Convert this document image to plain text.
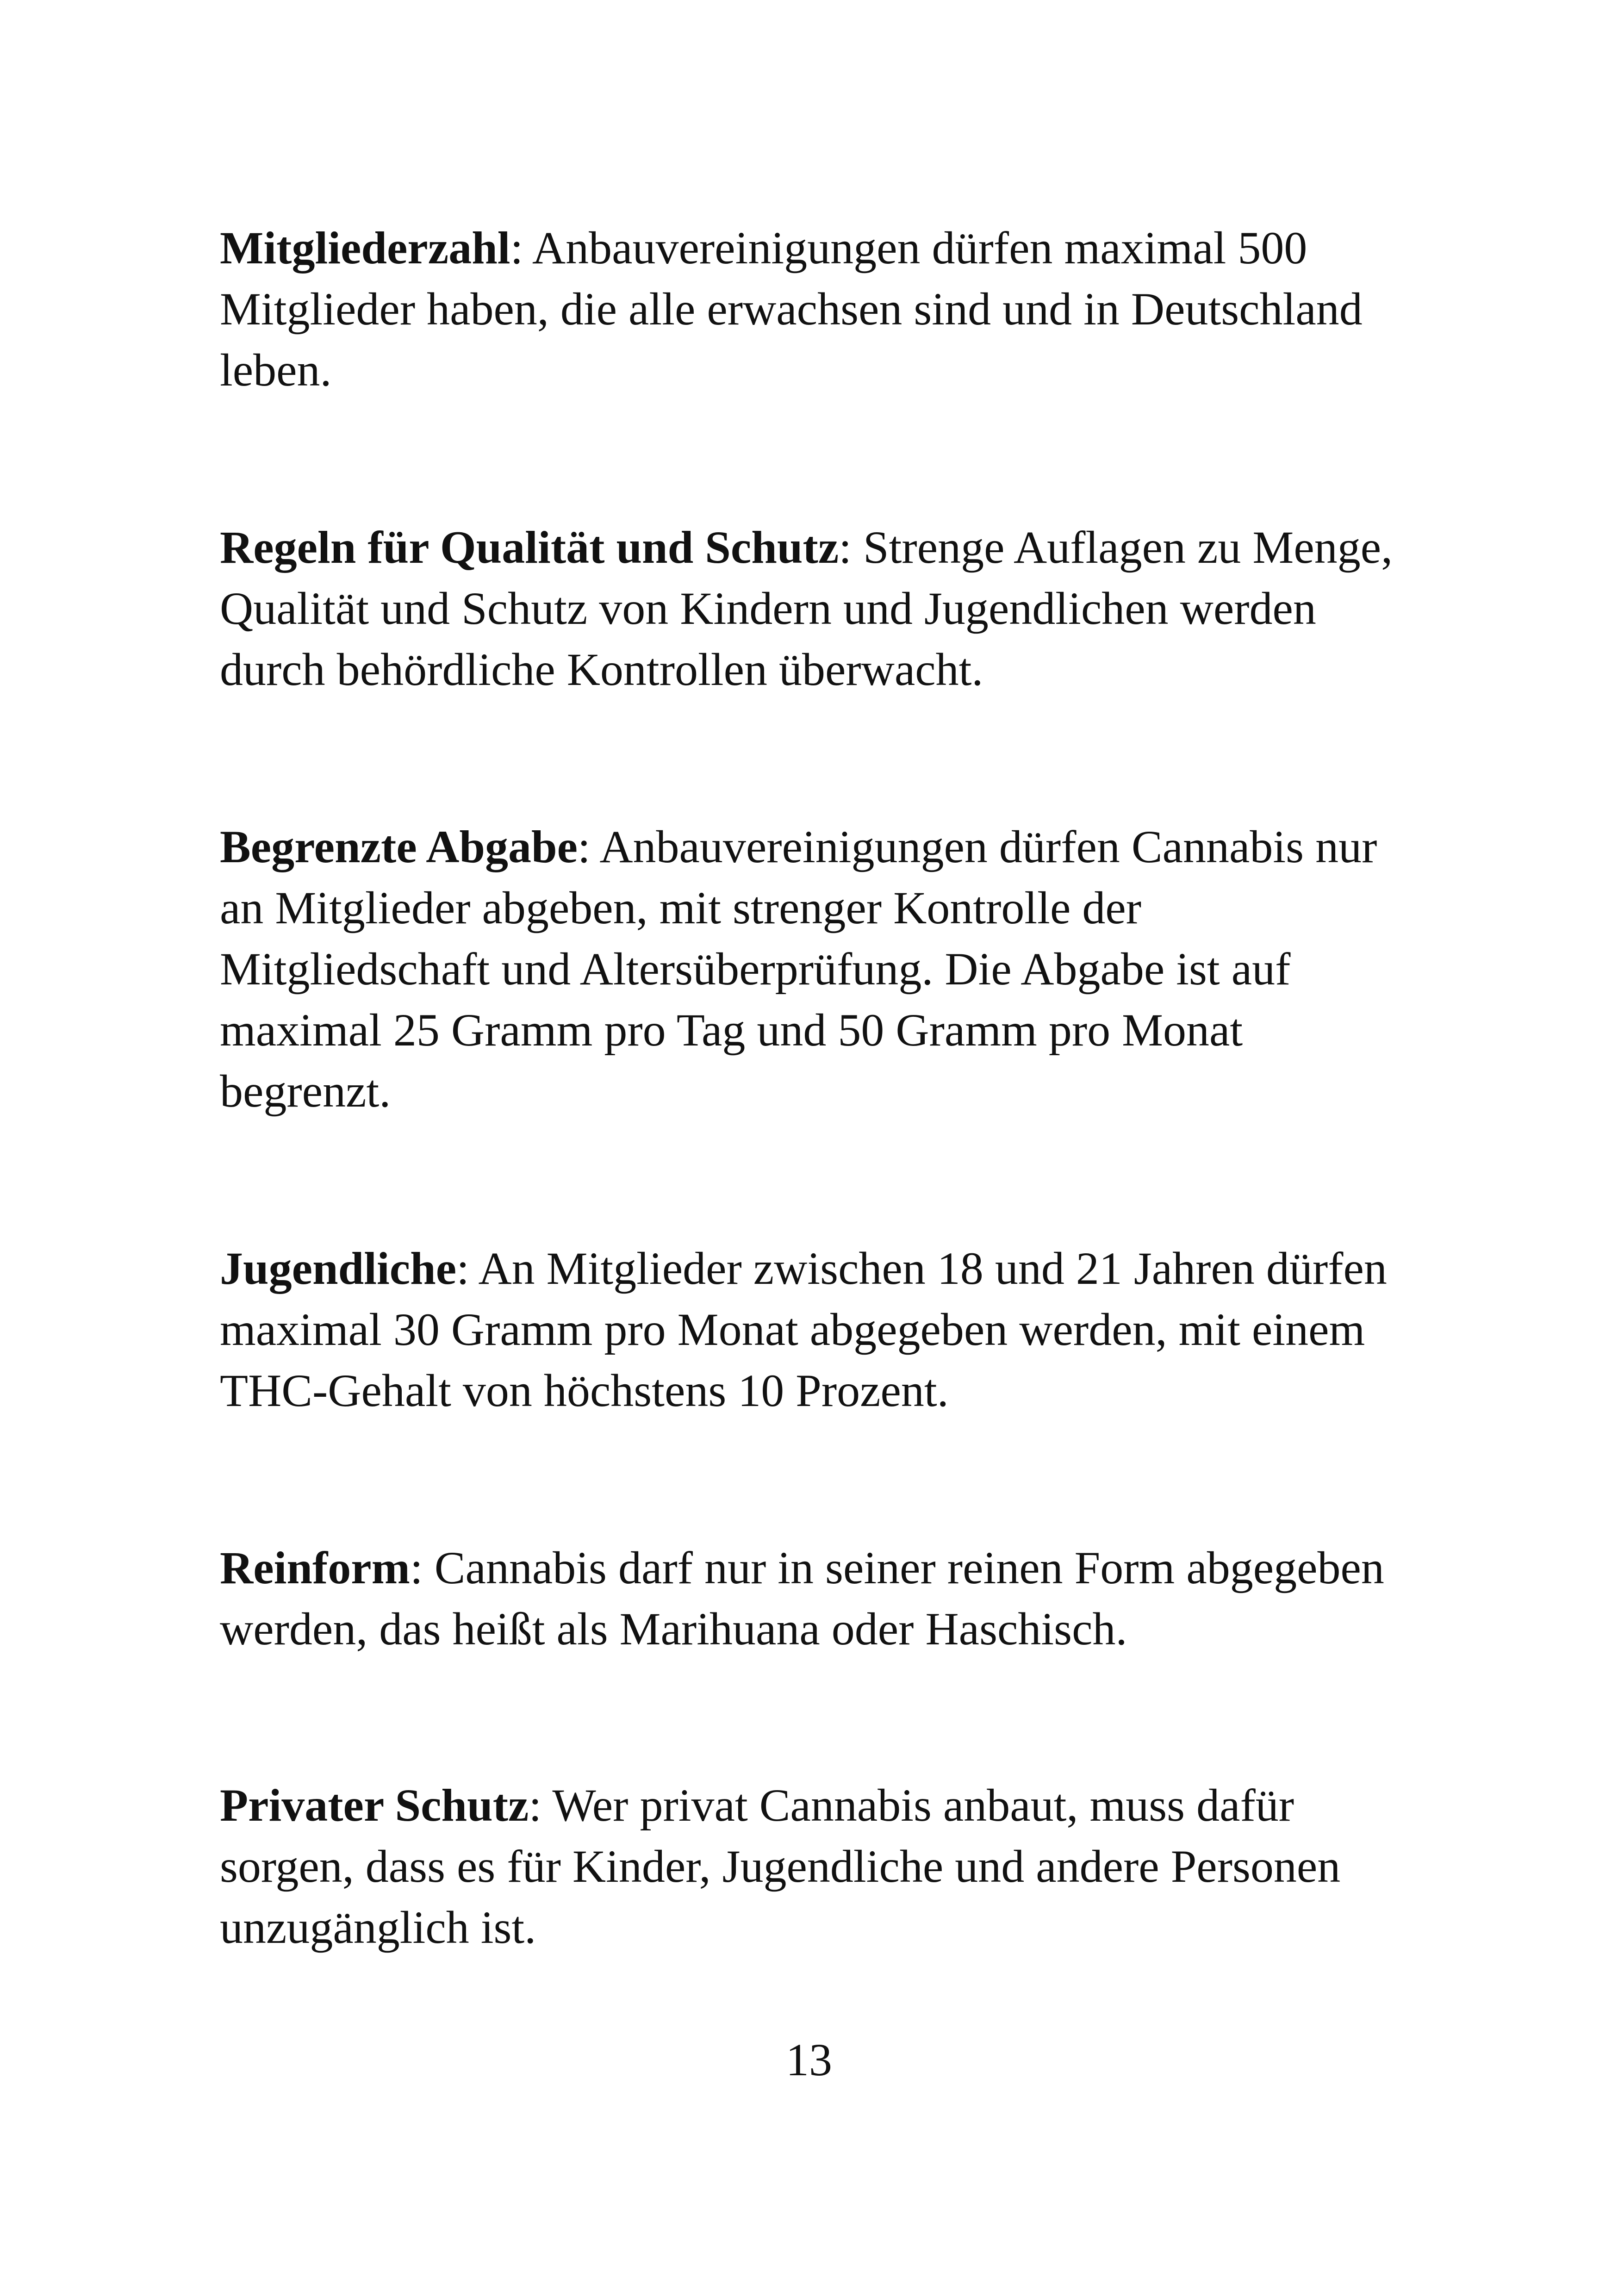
Mitgliederzahl: Anbauvereinigungen dürfen maximal 500 Mitglieder haben, die alle erwachsen sind und in Deutschland leben.

Regeln für Qualität und Schutz: Strenge Auflagen zu Menge, Qualität und Schutz von Kindern und Jugendlichen werden durch behördliche Kontrollen überwacht.

Begrenzte Abgabe: Anbauvereinigungen dürfen Cannabis nur an Mitglieder abgeben, mit strenger Kontrolle der Mitgliedschaft und Altersüberprüfung. Die Abgabe ist auf maximal 25 Gramm pro Tag und 50 Gramm pro Monat begrenzt.

Jugendliche: An Mitglieder zwischen 18 und 21 Jahren dürfen maximal 30 Gramm pro Monat abgegeben werden, mit einem THC-Gehalt von höchstens 10 Prozent.

Reinform: Cannabis darf nur in seiner reinen Form abgegeben werden, das heißt als Marihuana oder Haschisch.

Privater Schutz: Wer privat Cannabis anbaut, muss dafür sorgen, dass es für Kinder, Jugendliche und andere Personen unzugänglich ist.

13
